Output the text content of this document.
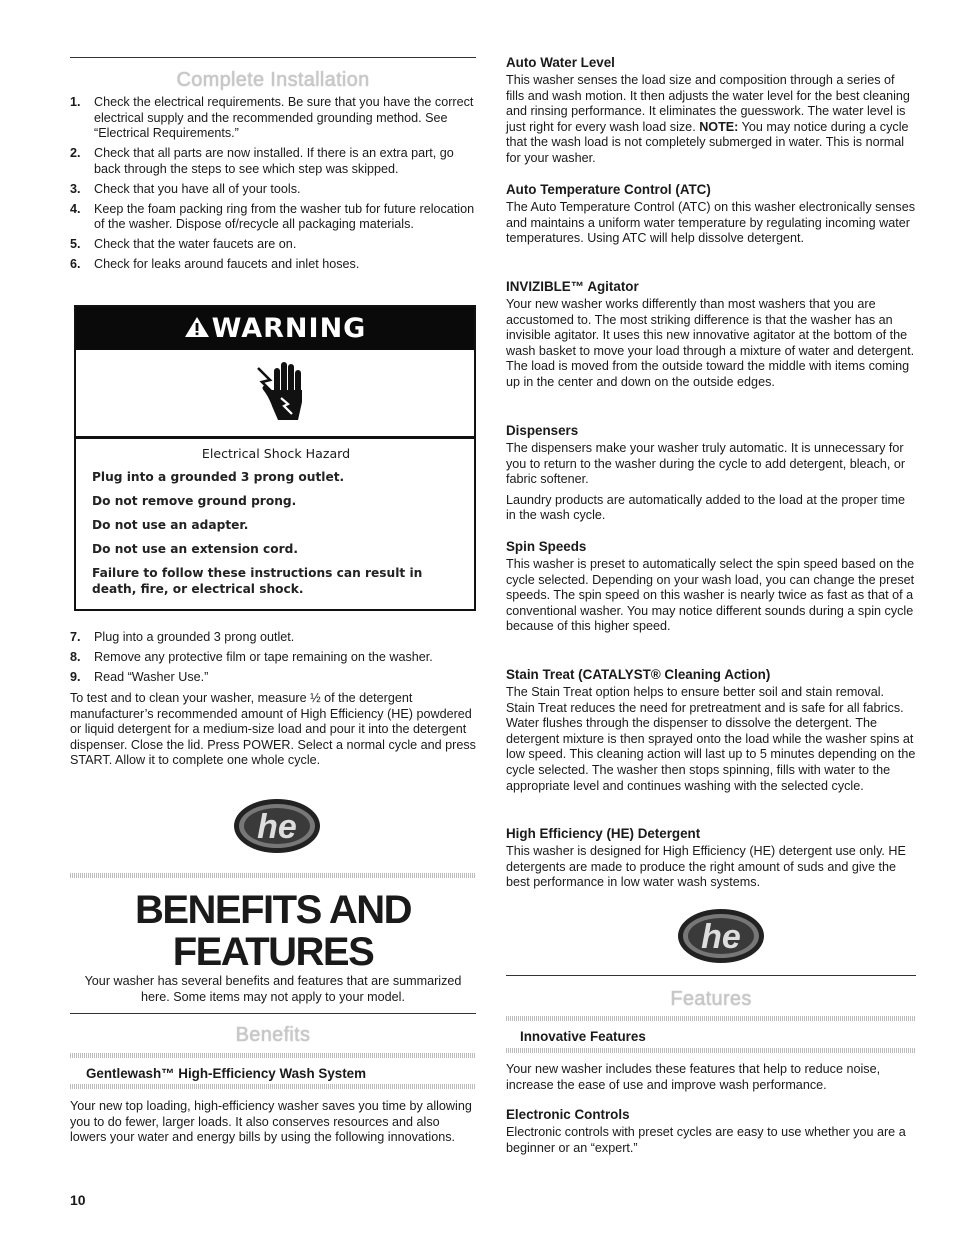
Complete Installation
1. Check the electrical requirements. Be sure that you have the correct electrical supply and the recommended grounding method. See “Electrical Requirements.”
2. Check that all parts are now installed. If there is an extra part, go back through the steps to see which step was skipped.
3. Check that you have all of your tools.
4. Keep the foam packing ring from the washer tub for future relocation of the washer. Dispose of/recycle all packaging materials.
5. Check that the water faucets are on.
6. Check for leaks around faucets and inlet hoses.
7. Plug into a grounded 3 prong outlet.
8. Remove any protective film or tape remaining on the washer.
9. Read “Washer Use.”

To test and to clean your washer, measure ½ of the detergent manufacturer’s recommended amount of High Efficiency (HE) powdered or liquid detergent for a medium-size load and pour it into the detergent dispenser. Close the lid. Press POWER. Select a normal cycle and press START. Allow it to complete one whole cycle.

BENEFITS AND
FEATURES

Your washer has several benefits and features that are summarized here. Some items may not apply to your model.

Benefits
Gentlewash™ High-Efficiency Wash System

Your new top loading, high-efficiency washer saves you time by allowing you to do fewer, larger loads. It also conserves resources and also lowers your water and energy bills by using the following innovations.

10
WARNING
Electrical Shock Hazard
Plug into a grounded 3 prong outlet.
Do not remove ground prong.
Do not use an adapter.
Do not use an extension cord.
Failure to follow these instructions can result in death, fire, or electrical shock.
he
Auto Water Level

This washer senses the load size and composition through a series of fills and wash motion. It then adjusts the water level for the best cleaning and rinsing performance. It eliminates the guesswork. The water level is just right for every wash load size. NOTE: You may notice during a cycle that the wash load is not completely submerged in water. This is normal for your washer.

Auto Temperature Control (ATC)

The Auto Temperature Control (ATC) on this washer electronically senses and maintains a uniform water temperature by regulating incoming water temperatures. Using ATC will help dissolve detergent.

INVIZIBLE™ Agitator

Your new washer works differently than most washers that you are accustomed to. The most striking difference is that the washer has an invisible agitator. It uses this new innovative agitator at the bottom of the wash basket to move your load through a mixture of water and detergent. The load is moved from the outside toward the middle with items coming up in the center and down on the outside edges.

Dispensers

The dispensers make your washer truly automatic. It is unnecessary for you to return to the washer during the cycle to add detergent, bleach, or fabric softener.

Laundry products are automatically added to the load at the proper time in the wash cycle.

Spin Speeds

This washer is preset to automatically select the spin speed based on the cycle selected. Depending on your wash load, you can change the preset speeds. The spin speed on this washer is nearly twice as fast as that of a conventional washer. You may notice different sounds during a spin cycle because of this higher speed.

Stain Treat (CATALYST® Cleaning Action)

The Stain Treat option helps to ensure better soil and stain removal. Stain Treat reduces the need for pretreatment and is safe for all fabrics. Water flushes through the dispenser to dissolve the detergent. The detergent mixture is then sprayed onto the load while the washer spins at low speed. This cleaning action will last up to 5 minutes depending on the cycle selected. The washer then stops spinning, fills with water to the appropriate level and continues washing with the selected cycle.

High Efficiency (HE) Detergent

This washer is designed for High Efficiency (HE) detergent use only. HE detergents are made to produce the right amount of suds and give the best performance in low water wash systems.

Features
Innovative Features

Your new washer includes these features that help to reduce noise, increase the ease of use and improve wash performance.

Electronic Controls

Electronic controls with preset cycles are easy to use whether you are a beginner or an “expert.”

he
